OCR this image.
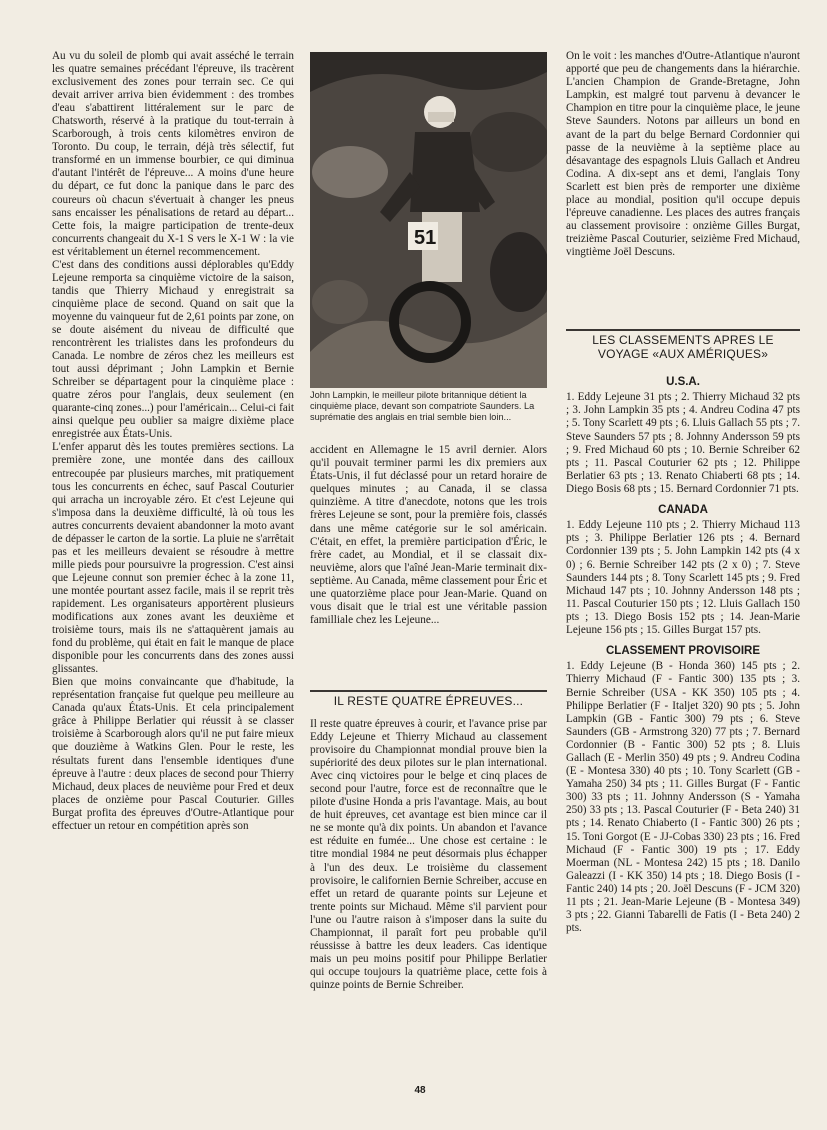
Au vu du soleil de plomb qui avait asséché le terrain les quatre semaines précédant l'épreuve, ils tracèrent exclusivement des zones pour terrain sec. Ce qui devait arriver arriva bien évidemment : des trombes d'eau s'abattirent littéralement sur le parc de Chatsworth, réservé à la pratique du tout-terrain à Scarborough, à trois cents kilomètres environ de Toronto. Du coup, le terrain, déjà très sélectif, fut transformé en un immense bourbier, ce qui diminua d'autant l'intérêt de l'épreuve... A moins d'une heure du départ, ce fut donc la panique dans le parc des coureurs où chacun s'évertuait à changer les pneus sans encaisser les pénalisations de retard au départ... Cette fois, la maigre participation de trente-deux concurrents changeait du X-1 S vers le X-1 W : la vie est véritablement un éternel recommencement.
C'est dans des conditions aussi déplorables qu'Eddy Lejeune remporta sa cinquième victoire de la saison, tandis que Thierry Michaud y enregistrait sa cinquième place de second. Quand on sait que la moyenne du vainqueur fut de 2,61 points par zone, on se doute aisément du niveau de difficulté que rencontrèrent les trialistes dans les profondeurs du Canada. Le nombre de zéros chez les meilleurs est tout aussi déprimant ; John Lampkin et Bernie Schreiber se départagent pour la cinquième place : quatre zéros pour l'anglais, deux seulement (en quarante-cinq zones...) pour l'américain... Celui-ci fait ainsi quelque peu oublier sa maigre dixième place enregistrée aux États-Unis.
L'enfer apparut dès les toutes premières sections. La première zone, une montée dans des cailloux entrecoupée par plusieurs marches, mit pratiquement tous les concurrents en échec, sauf Pascal Couturier qui arracha un incroyable zéro. Et c'est Lejeune qui s'imposa dans la deuxième difficulté, là où tous les autres concurrents devaient abandonner la moto avant de dépasser le carton de la sortie. La pluie ne s'arrêtait pas et les meilleurs devaient se résoudre à mettre mille pieds pour poursuivre la progression. C'est ainsi que Lejeune connut son premier échec à la zone 11, une montée pourtant assez facile, mais il se reprit très rapidement. Les organisateurs apportèrent plusieurs modifications aux zones avant les deuxième et troisième tours, mais ils ne s'attaquèrent jamais au fond du problème, qui était en fait le manque de place disponible pour les concurrents dans des zones aussi glissantes.
Bien que moins convaincante que d'habitude, la représentation française fut quelque peu meilleure au Canada qu'aux États-Unis. Et cela principalement grâce à Philippe Berlatier qui réussit à se classer troisième à Scarborough alors qu'il ne put faire mieux que douzième à Watkins Glen. Pour le reste, les résultats furent dans l'ensemble identiques d'une épreuve à l'autre : deux places de second pour Thierry Michaud, deux places de neuvième pour Fred et deux places de onzième pour Pascal Couturier. Gilles Burgat profita des épreuves d'Outre-Atlantique pour effectuer un retour en compétition après son

51
John Lampkin, le meilleur pilote britannique détient la cinquième place, devant son compatriote Saunders. La suprématie des anglais en trial semble bien loin...

accident en Allemagne le 15 avril dernier. Alors qu'il pouvait terminer parmi les dix premiers aux États-Unis, il fut déclassé pour un retard horaire de quelques minutes ; au Canada, il se classa quinzième. A titre d'anecdote, notons que les trois frères Lejeune se sont, pour la première fois, classés dans une même catégorie sur le sol américain. C'était, en effet, la première participation d'Éric, le frère cadet, au Mondial, et il se classait dix-neuvième, alors que l'aîné Jean-Marie terminait dix-septième. Au Canada, même classement pour Éric et une quatorzième place pour Jean-Marie. Quand on vous disait que le trial est une véritable passion familliale chez les Lejeune...

IL RESTE QUATRE ÉPREUVES...

Il reste quatre épreuves à courir, et l'avance prise par Eddy Lejeune et Thierry Michaud au classement provisoire du Championnat mondial prouve bien la supériorité des deux pilotes sur le plan international. Avec cinq victoires pour le belge et cinq places de second pour l'autre, force est de reconnaître que le pilote d'usine Honda a pris l'avantage. Mais, au bout de huit épreuves, cet avantage est bien mince car il ne se monte qu'à dix points. Un abandon et l'avance est réduite en fumée... Une chose est certaine : le titre mondial 1984 ne peut désormais plus échapper à l'un des deux. Le troisième du classement provisoire, le californien Bernie Schreiber, accuse en effet un retard de quarante points sur Lejeune et trente points sur Michaud. Même s'il parvient pour l'une ou l'autre raison à s'imposer dans la suite du Championnat, il paraît fort peu probable qu'il réussisse à battre les deux leaders. Cas identique mais un peu moins positif pour Philippe Berlatier qui occupe toujours la quatrième place, cette fois à quinze points de Bernie Schreiber.

On le voit : les manches d'Outre-Atlantique n'auront apporté que peu de changements dans la hiérarchie. L'ancien Champion de Grande-Bretagne, John Lampkin, est malgré tout parvenu à devancer le Champion en titre pour la cinquième place, le jeune Steve Saunders. Notons par ailleurs un bond en avant de la part du belge Bernard Cordonnier qui passe de la neuvième à la septième place au désavantage des espagnols Lluis Gallach et Andreu Codina. A dix-sept ans et demi, l'anglais Tony Scarlett est bien près de remporter une dixième place au mondial, position qu'il occupe depuis l'épreuve canadienne. Les places des autres français au classement provisoire : onzième Gilles Burgat, treizième Pascal Couturier, seizième Fred Michaud, vingtième Joël Descuns.

LES CLASSEMENTS APRES LE VOYAGE «AUX AMÉRIQUES»
U.S.A.

1. Eddy Lejeune 31 pts ; 2. Thierry Michaud 32 pts ; 3. John Lampkin 35 pts ; 4. Andreu Codina 47 pts ; 5. Tony Scarlett 49 pts ; 6. Lluis Gallach 55 pts ; 7. Steve Saunders 57 pts ; 8. Johnny Andersson 59 pts ; 9. Fred Michaud 60 pts ; 10. Bernie Schreiber 62 pts ; 11. Pascal Couturier 62 pts ; 12. Philippe Berlatier 63 pts ; 13. Renato Chiaberti 68 pts ; 14. Diego Bosis 68 pts ; 15. Bernard Cordonnier 71 pts.

CANADA

1. Eddy Lejeune 110 pts ; 2. Thierry Michaud 113 pts ; 3. Philippe Berlatier 126 pts ; 4. Bernard Cordonnier 139 pts ; 5. John Lampkin 142 pts (4 x 0) ; 6. Bernie Schreiber 142 pts (2 x 0) ; 7. Steve Saunders 144 pts ; 8. Tony Scarlett 145 pts ; 9. Fred Michaud 147 pts ; 10. Johnny Andersson 148 pts ; 11. Pascal Couturier 150 pts ; 12. Lluis Gallach 150 pts ; 13. Diego Bosis 152 pts ; 14. Jean-Marie Lejeune 156 pts ; 15. Gilles Burgat 157 pts.

CLASSEMENT PROVISOIRE

1. Eddy Lejeune (B - Honda 360) 145 pts ; 2. Thierry Michaud (F - Fantic 300) 135 pts ; 3. Bernie Schreiber (USA - KK 350) 105 pts ; 4. Philippe Berlatier (F - Italjet 320) 90 pts ; 5. John Lampkin (GB - Fantic 300) 79 pts ; 6. Steve Saunders (GB - Armstrong 320) 77 pts ; 7. Bernard Cordonnier (B - Fantic 300) 52 pts ; 8. Lluis Gallach (E - Merlin 350) 49 pts ; 9. Andreu Codina (E - Montesa 330) 40 pts ; 10. Tony Scarlett (GB - Yamaha 250) 34 pts ; 11. Gilles Burgat (F - Fantic 300) 33 pts ; 11. Johnny Andersson (S - Yamaha 250) 33 pts ; 13. Pascal Couturier (F - Beta 240) 31 pts ; 14. Renato Chiaberto (I - Fantic 300) 26 pts ; 15. Toni Gorgot (E - JJ-Cobas 330) 23 pts ; 16. Fred Michaud (F - Fantic 300) 19 pts ; 17. Eddy Moerman (NL - Montesa 242) 15 pts ; 18. Danilo Galeazzi (I - KK 350) 14 pts ; 18. Diego Bosis (I - Fantic 240) 14 pts ; 20. Joël Descuns (F - JCM 320) 11 pts ; 21. Jean-Marie Lejeune (B - Montesa 349) 3 pts ; 22. Gianni Tabarelli de Fatis (I - Beta 240) 2 pts.

48
